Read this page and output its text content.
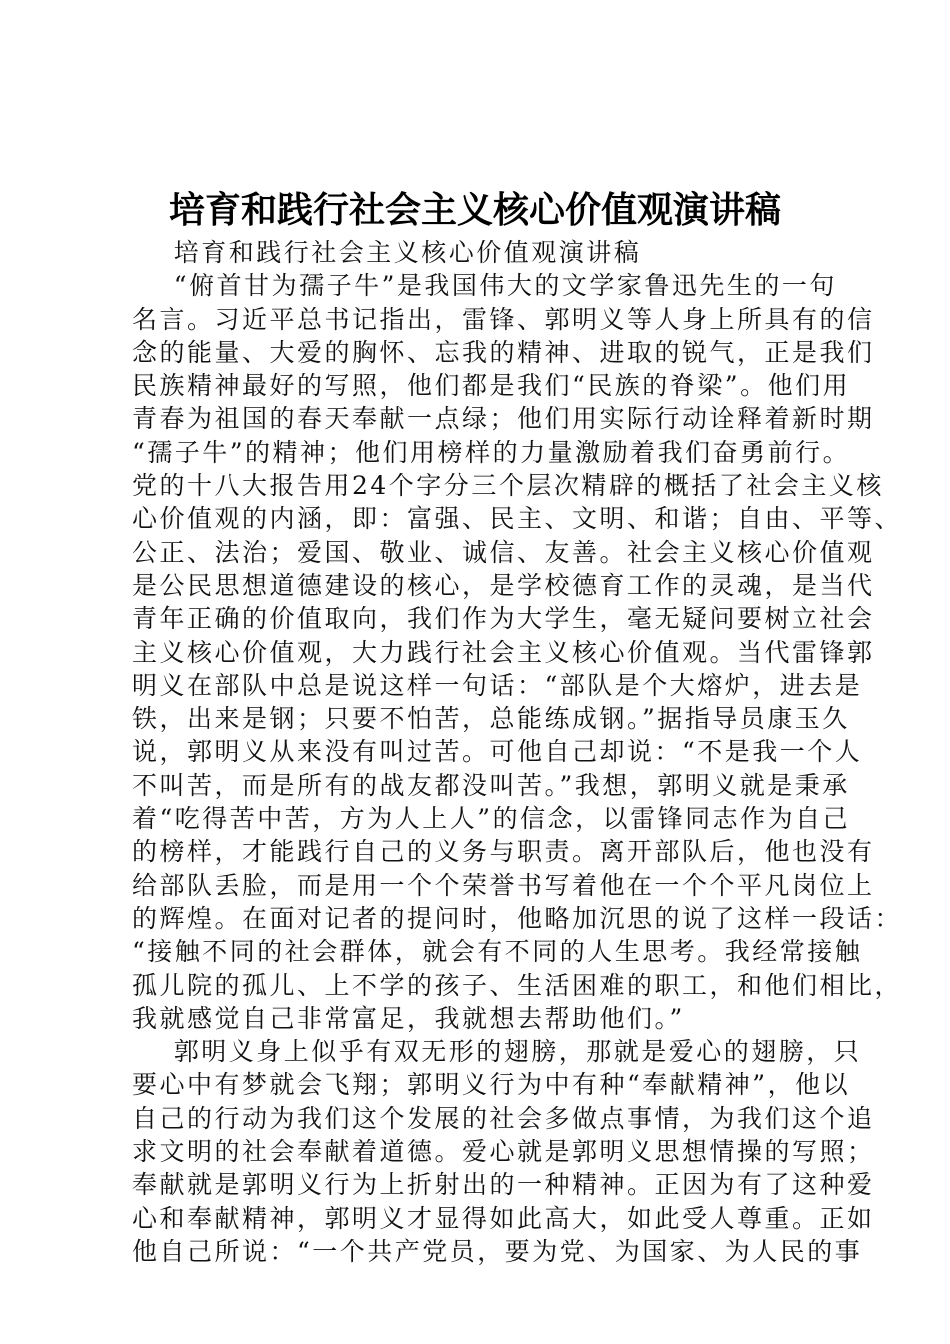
培育和践行社会主义核心价值观演讲稿
培育和践行社会主义核心价值观演讲稿
“俯首甘为孺子牛”是我国伟大的文学家鲁迅先生的一句
名言。习近平总书记指出，雷锋、郭明义等人身上所具有的信
念的能量、大爱的胸怀、忘我的精神、进取的锐气，正是我们
民族精神最好的写照，他们都是我们“民族的脊梁”。他们用
青春为祖国的春天奉献一点绿；他们用实际行动诠释着新时期
“孺子牛”的精神；他们用榜样的力量激励着我们奋勇前行。
党的十八大报告用24个字分三个层次精辟的概括了社会主义核
心价值观的内涵，即：富强、民主、文明、和谐；自由、平等、
公正、法治；爱国、敬业、诚信、友善。社会主义核心价值观
是公民思想道德建设的核心，是学校德育工作的灵魂，是当代
青年正确的价值取向，我们作为大学生，毫无疑问要树立社会
主义核心价值观，大力践行社会主义核心价值观。当代雷锋郭
明义在部队中总是说这样一句话：“部队是个大熔炉，进去是
铁，出来是钢；只要不怕苦，总能练成钢。”据指导员康玉久
说，郭明义从来没有叫过苦。可他自己却说：“不是我一个人
不叫苦，而是所有的战友都没叫苦。”我想，郭明义就是秉承
着“吃得苦中苦，方为人上人”的信念，以雷锋同志作为自己
的榜样，才能践行自己的义务与职责。离开部队后，他也没有
给部队丢脸，而是用一个个荣誉书写着他在一个个平凡岗位上
的辉煌。在面对记者的提问时，他略加沉思的说了这样一段话：
“接触不同的社会群体，就会有不同的人生思考。我经常接触
孤儿院的孤儿、上不学的孩子、生活困难的职工，和他们相比，
我就感觉自己非常富足，我就想去帮助他们。”
郭明义身上似乎有双无形的翅膀，那就是爱心的翅膀，只
要心中有梦就会飞翔；郭明义行为中有种“奉献精神”，他以
自己的行动为我们这个发展的社会多做点事情，为我们这个追
求文明的社会奉献着道德。爱心就是郭明义思想情操的写照；
奉献就是郭明义行为上折射出的一种精神。正因为有了这种爱
心和奉献精神，郭明义才显得如此高大，如此受人尊重。正如
他自己所说：“一个共产党员，要为党、为国家、为人民的事
